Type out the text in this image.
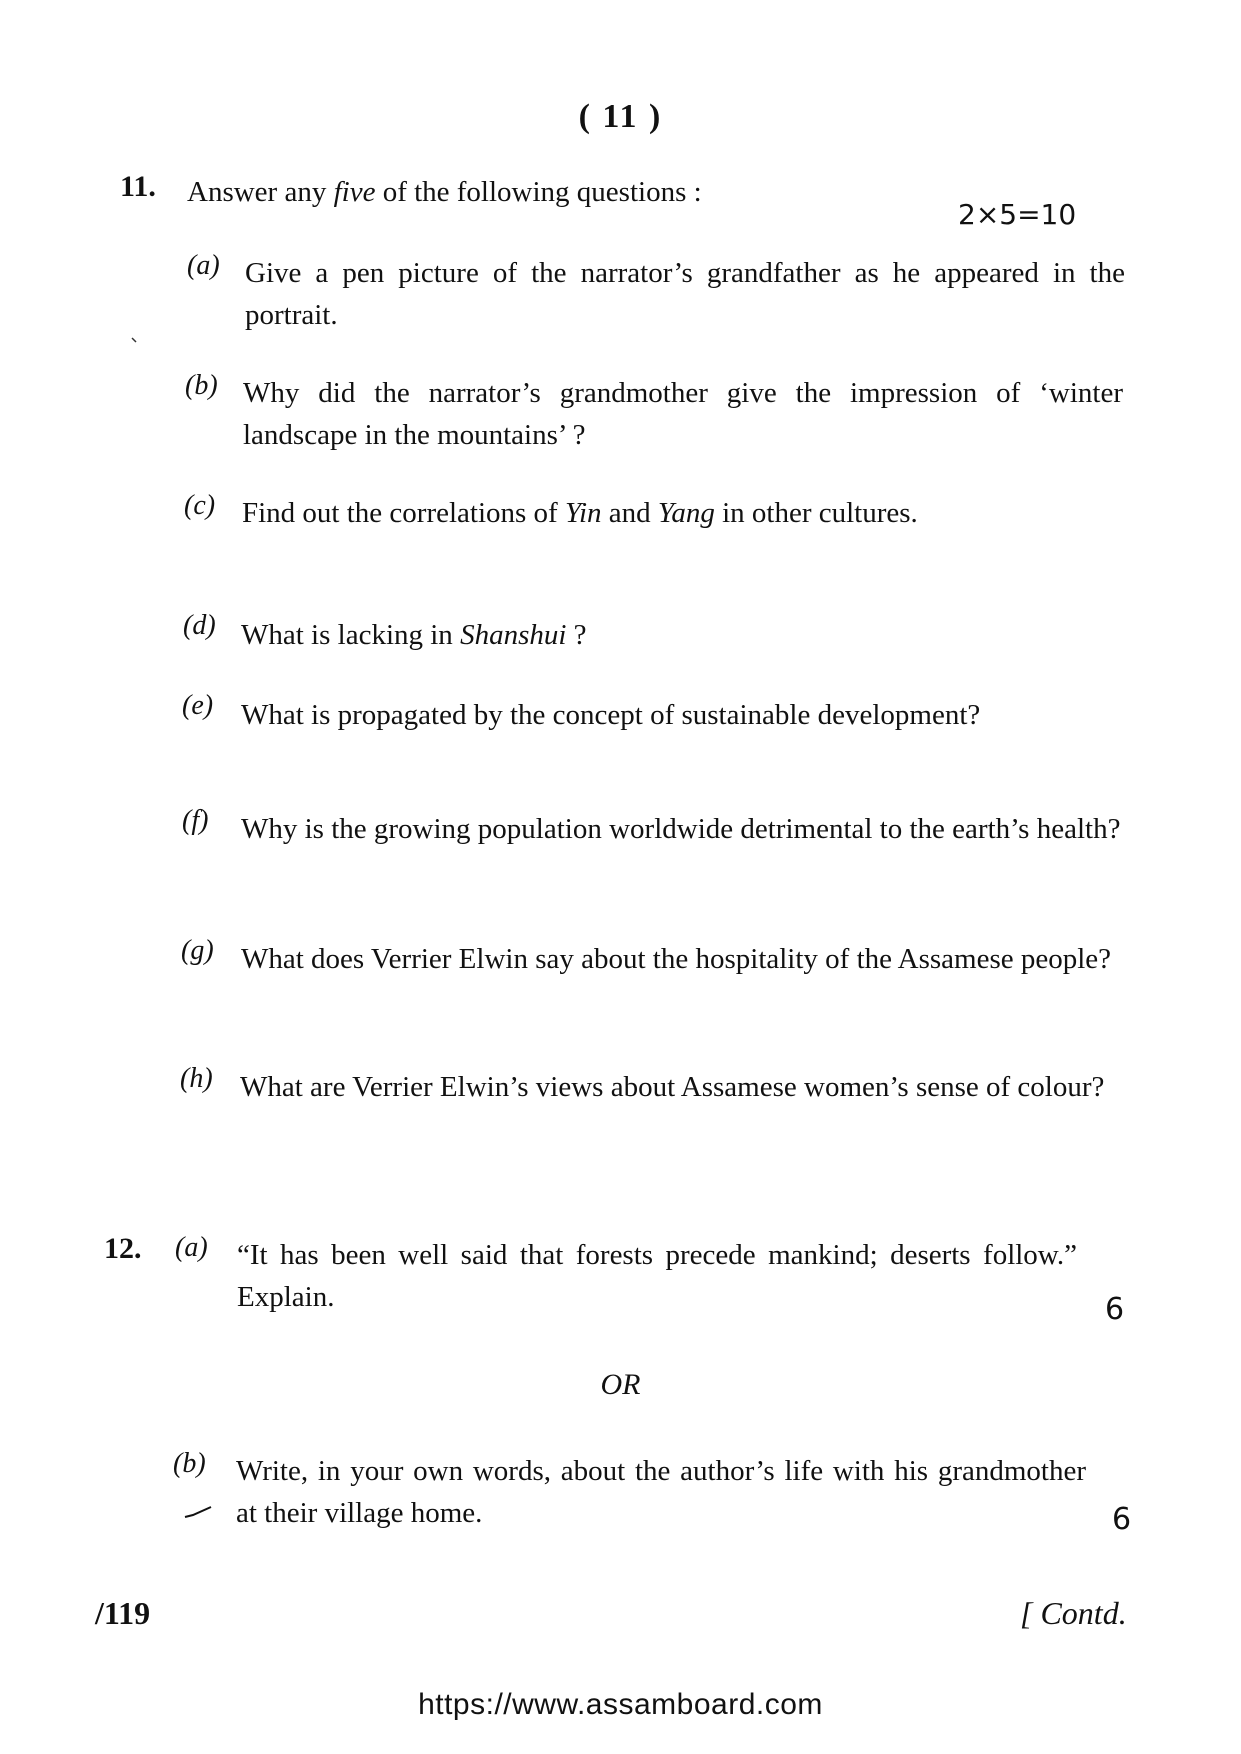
( 11 )
11. Answer any five of the following questions :
2×5=10
(a) Give a pen picture of the narrator’s grandfather as he appeared in the portrait.
(b) Why did the narrator’s grandmother give the impression of ‘winter landscape in the mountains’ ?
(c) Find out the correlations of Yin and Yang in other cultures.
(d) What is lacking in Shanshui ?
(e) What is propagated by the concept of sustainable development?
(f) Why is the growing population worldwide detrimental to the earth’s health?
(g) What does Verrier Elwin say about the hospitality of the Assamese people?
(h) What are Verrier Elwin’s views about Assamese women’s sense of colour?
12. (a) “It has been well said that forests precede mankind; deserts follow.” Explain.	6
OR
(b) Write, in your own words, about the author’s life with his grandmother at their village home.	6
/119	[ Contd.
https://www.assamboard.com
